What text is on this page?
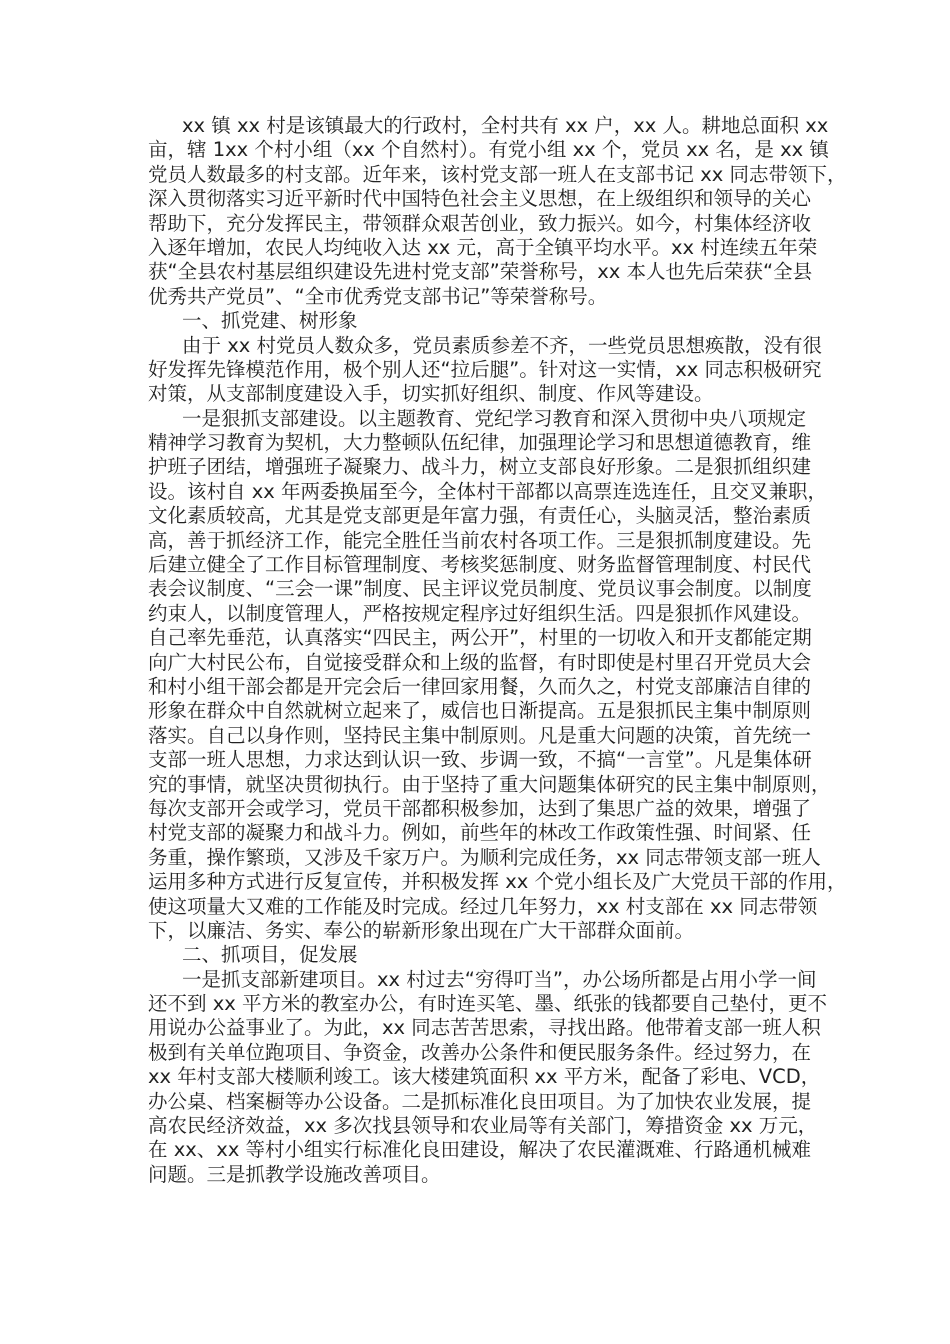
xx 镇 xx 村是该镇最大的行政村，全村共有 xx 户，xx 人。耕地总面积 xx
亩，辖 1xx 个村小组（xx 个自然村）。有党小组 xx 个，党员 xx 名，是 xx 镇
党员人数最多的村支部。近年来，该村党支部一班人在支部书记 xx 同志带领下，
深入贯彻落实习近平新时代中国特色社会主义思想，在上级组织和领导的关心
帮助下，充分发挥民主，带领群众艰苦创业，致力振兴。如今，村集体经济收
入逐年增加，农民人均纯收入达 xx 元，高于全镇平均水平。xx 村连续五年荣
获“全县农村基层组织建设先进村党支部”荣誉称号，xx 本人也先后荣获“全县
优秀共产党员”、“全市优秀党支部书记”等荣誉称号。
一、抓党建、树形象
由于 xx 村党员人数众多，党员素质参差不齐，一些党员思想痪散，没有很
好发挥先锋模范作用，极个别人还“拉后腿”。针对这一实情，xx 同志积极研究
对策，从支部制度建设入手，切实抓好组织、制度、作风等建设。
一是狠抓支部建设。以主题教育、党纪学习教育和深入贯彻中央八项规定
精神学习教育为契机，大力整顿队伍纪律，加强理论学习和思想道德教育，维
护班子团结，增强班子凝聚力、战斗力，树立支部良好形象。二是狠抓组织建
设。该村自 xx 年两委换届至今，全体村干部都以高票连选连任，且交叉兼职，
文化素质较高，尤其是党支部更是年富力强，有责任心，头脑灵活，整治素质
高，善于抓经济工作，能完全胜任当前农村各项工作。三是狠抓制度建设。先
后建立健全了工作目标管理制度、考核奖惩制度、财务监督管理制度、村民代
表会议制度、“三会一课”制度、民主评议党员制度、党员议事会制度。以制度
约束人，以制度管理人，严格按规定程序过好组织生活。四是狠抓作风建设。
自己率先垂范，认真落实“四民主，两公开”，村里的一切收入和开支都能定期
向广大村民公布，自觉接受群众和上级的监督，有时即使是村里召开党员大会
和村小组干部会都是开完会后一律回家用餐，久而久之，村党支部廉洁自律的
形象在群众中自然就树立起来了，威信也日渐提高。五是狠抓民主集中制原则
落实。自己以身作则，坚持民主集中制原则。凡是重大问题的决策，首先统一
支部一班人思想，力求达到认识一致、步调一致，不搞“一言堂”。凡是集体研
究的事情，就坚决贯彻执行。由于坚持了重大问题集体研究的民主集中制原则，
每次支部开会或学习，党员干部都积极参加，达到了集思广益的效果，增强了
村党支部的凝聚力和战斗力。例如，前些年的林改工作政策性强、时间紧、任
务重，操作繁琐，又涉及千家万户。为顺利完成任务，xx 同志带领支部一班人
运用多种方式进行反复宣传，并积极发挥 xx 个党小组长及广大党员干部的作用，
使这项量大又难的工作能及时完成。经过几年努力，xx 村支部在 xx 同志带领
下，以廉洁、务实、奉公的崭新形象出现在广大干部群众面前。
二、抓项目，促发展
一是抓支部新建项目。xx 村过去“穷得叮当”，办公场所都是占用小学一间
还不到 xx 平方米的教室办公，有时连买笔、墨、纸张的钱都要自己垫付，更不
用说办公益事业了。为此，xx 同志苦苦思索，寻找出路。他带着支部一班人积
极到有关单位跑项目、争资金，改善办公条件和便民服务条件。经过努力，在
xx 年村支部大楼顺利竣工。该大楼建筑面积 xx 平方米，配备了彩电、VCD，
办公桌、档案橱等办公设备。二是抓标准化良田项目。为了加快农业发展，提
高农民经济效益，xx 多次找县领导和农业局等有关部门，筹措资金 xx 万元，
在 xx、xx 等村小组实行标准化良田建设，解决了农民灌溉难、行路通机械难
问题。三是抓教学设施改善项目。
